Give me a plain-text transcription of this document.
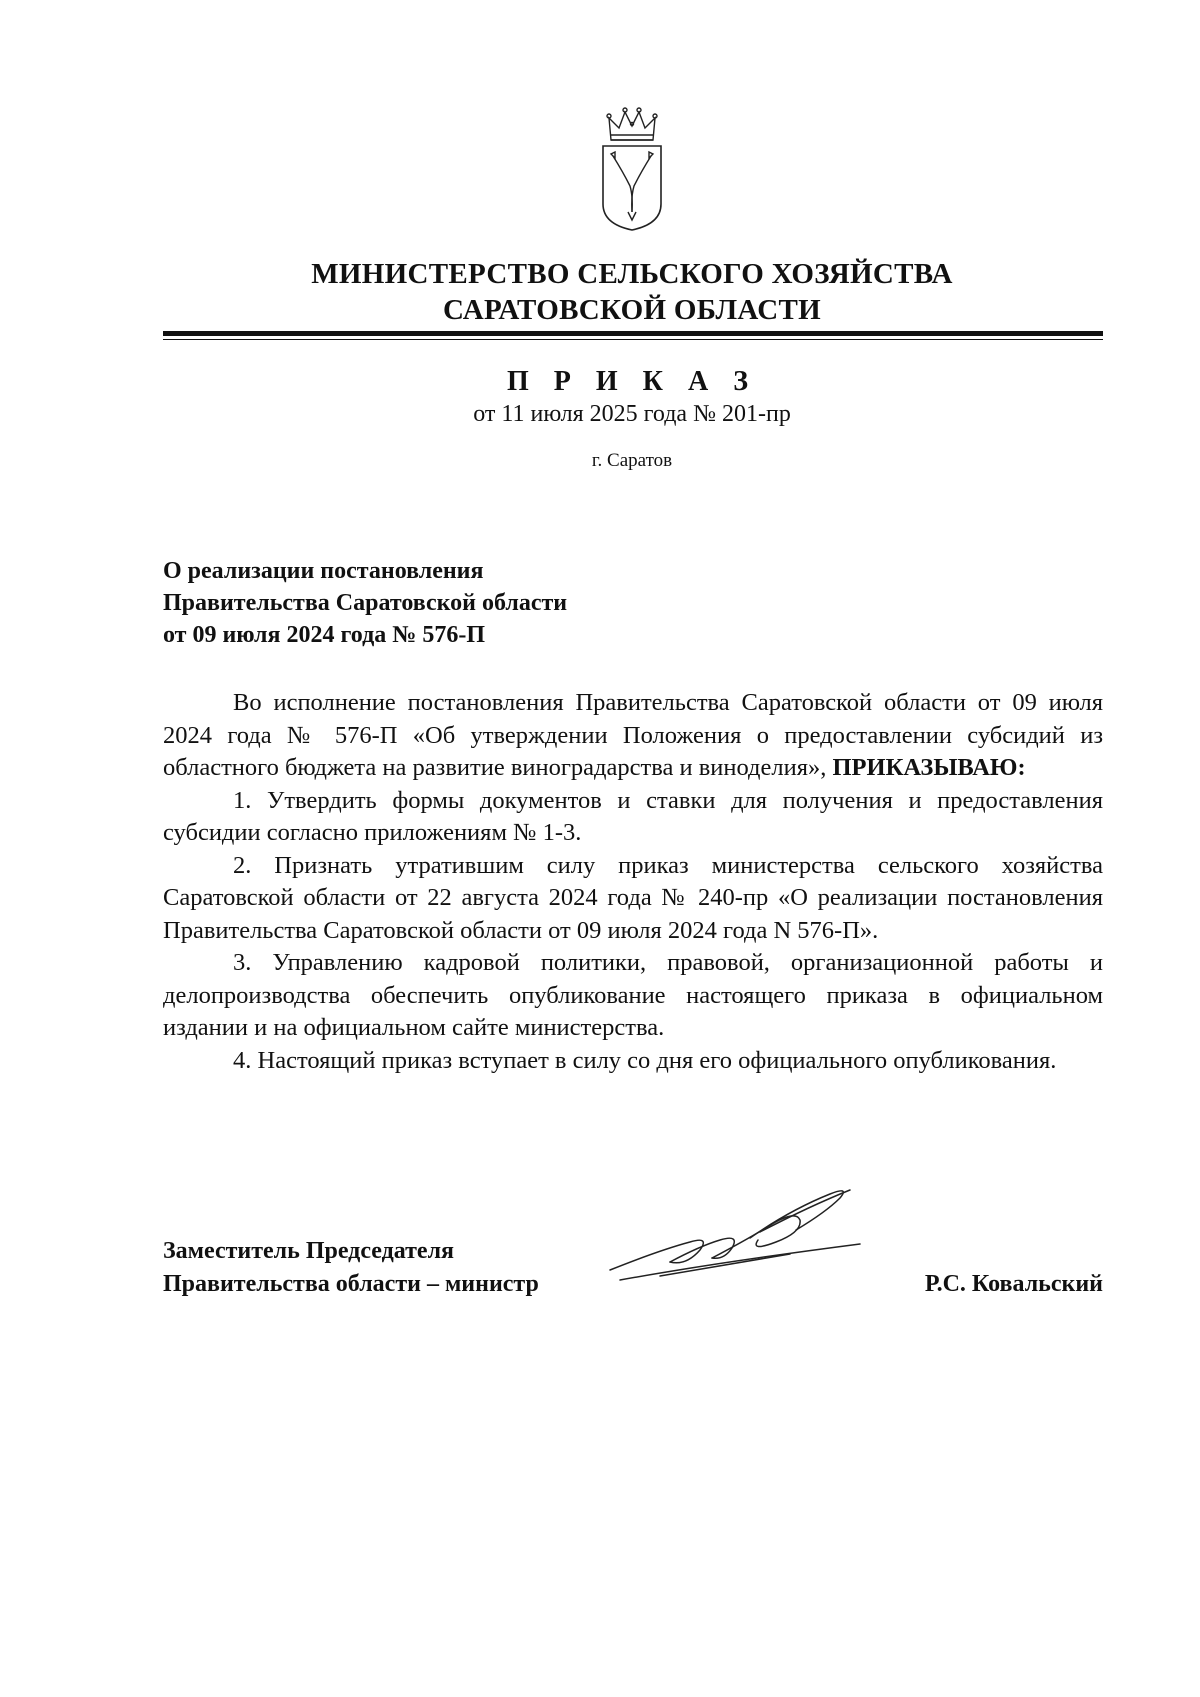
МИНИСТЕРСТВО СЕЛЬСКОГО ХОЗЯЙСТВА
САРАТОВСКОЙ ОБЛАСТИ
П Р И К А З
от 11 июля 2025 года № 201-пр
г. Саратов
О реализации постановления
Правительства Саратовской области
от 09 июля 2024 года № 576-П

Во исполнение постановления Правительства Саратовской области от 09 июля 2024 года № 576-П «Об утверждении Положения о предоставлении субсидий из областного бюджета на развитие виноградарства и виноделия», ПРИКАЗЫВАЮ:

1. Утвердить формы документов и ставки для получения и предоставления субсидии согласно приложениям № 1-3.

2. Признать утратившим силу приказ министерства сельского хозяйства Саратовской области от 22 августа 2024 года № 240-пр «О реализации постановления Правительства Саратовской области от 09 июля 2024 года N 576-П».

3. Управлению кадровой политики, правовой, организационной работы и делопроизводства обеспечить опубликование настоящего приказа в официальном издании и на официальном сайте министерства.

4. Настоящий приказ вступает в силу со дня его официального опубликования.

Заместитель Председателя
Правительства области – министр	Р.С. Ковальский
